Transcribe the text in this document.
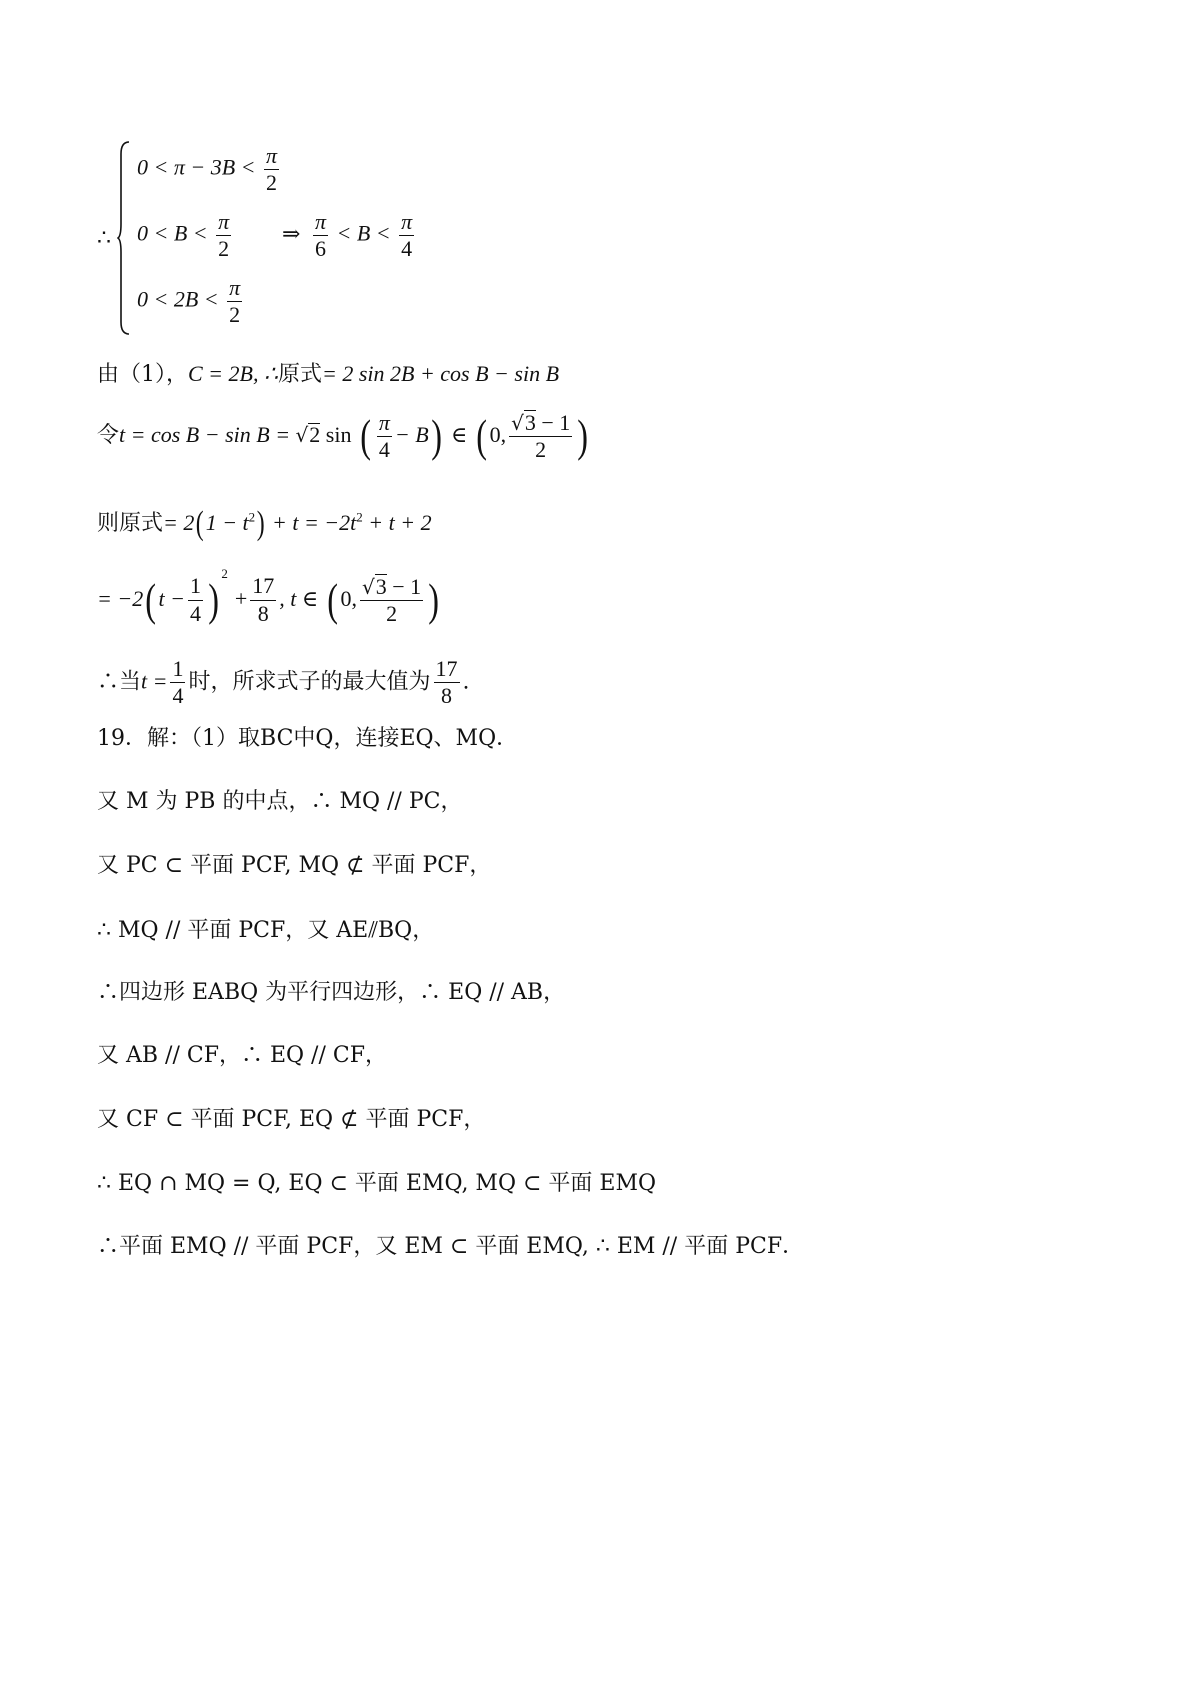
∴
$0 < \pi - 3B < \frac{\pi}{2}$
$0 < B < \frac{\pi}{2}$
$0 < 2B < \frac{\pi}{2}$
⇒ $\frac{\pi}{6} < B < \frac{\pi}{4}$
由（1），C = 2B, ∴原式= 2 sin 2B + cos B − sin B
令t = cos B − sin B = √2 sin ( $\frac{\pi}{4} - B$) ∈ ( 0, $\frac{√3 - 1}{2}$ )
则原式= $2(1 - t^2) + t = -2t^2 + t + 2$
= −2( $t - \frac{1}{4} )^2 + \frac{17}{8}$ , t ∈ ( 0, $\frac{√3 - 1}{2}$ )
∴当$t = \frac{1}{4}$ 时，所求式子的最大值为 $\frac{17}{8}$ .
19．解：（1）取BC中Q，连接EQ、MQ．
又 M 为 PB 的中点，∴ MQ // PC，
又 PC ⊂ 平面 PCF, MQ ⊄ 平面 PCF，
∴ MQ // 平面 PCF，又 AE⫽BQ，
∴四边形 EABQ 为平行四边形，∴ EQ // AB，
又 AB // CF，∴ EQ // CF，
又 CF ⊂ 平面 PCF, EQ ⊄ 平面 PCF，
∴ EQ ∩ MQ = Q, EQ ⊂ 平面 EMQ, MQ ⊂ 平面 EMQ
∴平面 EMQ // 平面 PCF，又 EM ⊂ 平面 EMQ, ∴ EM // 平面 PCF．
